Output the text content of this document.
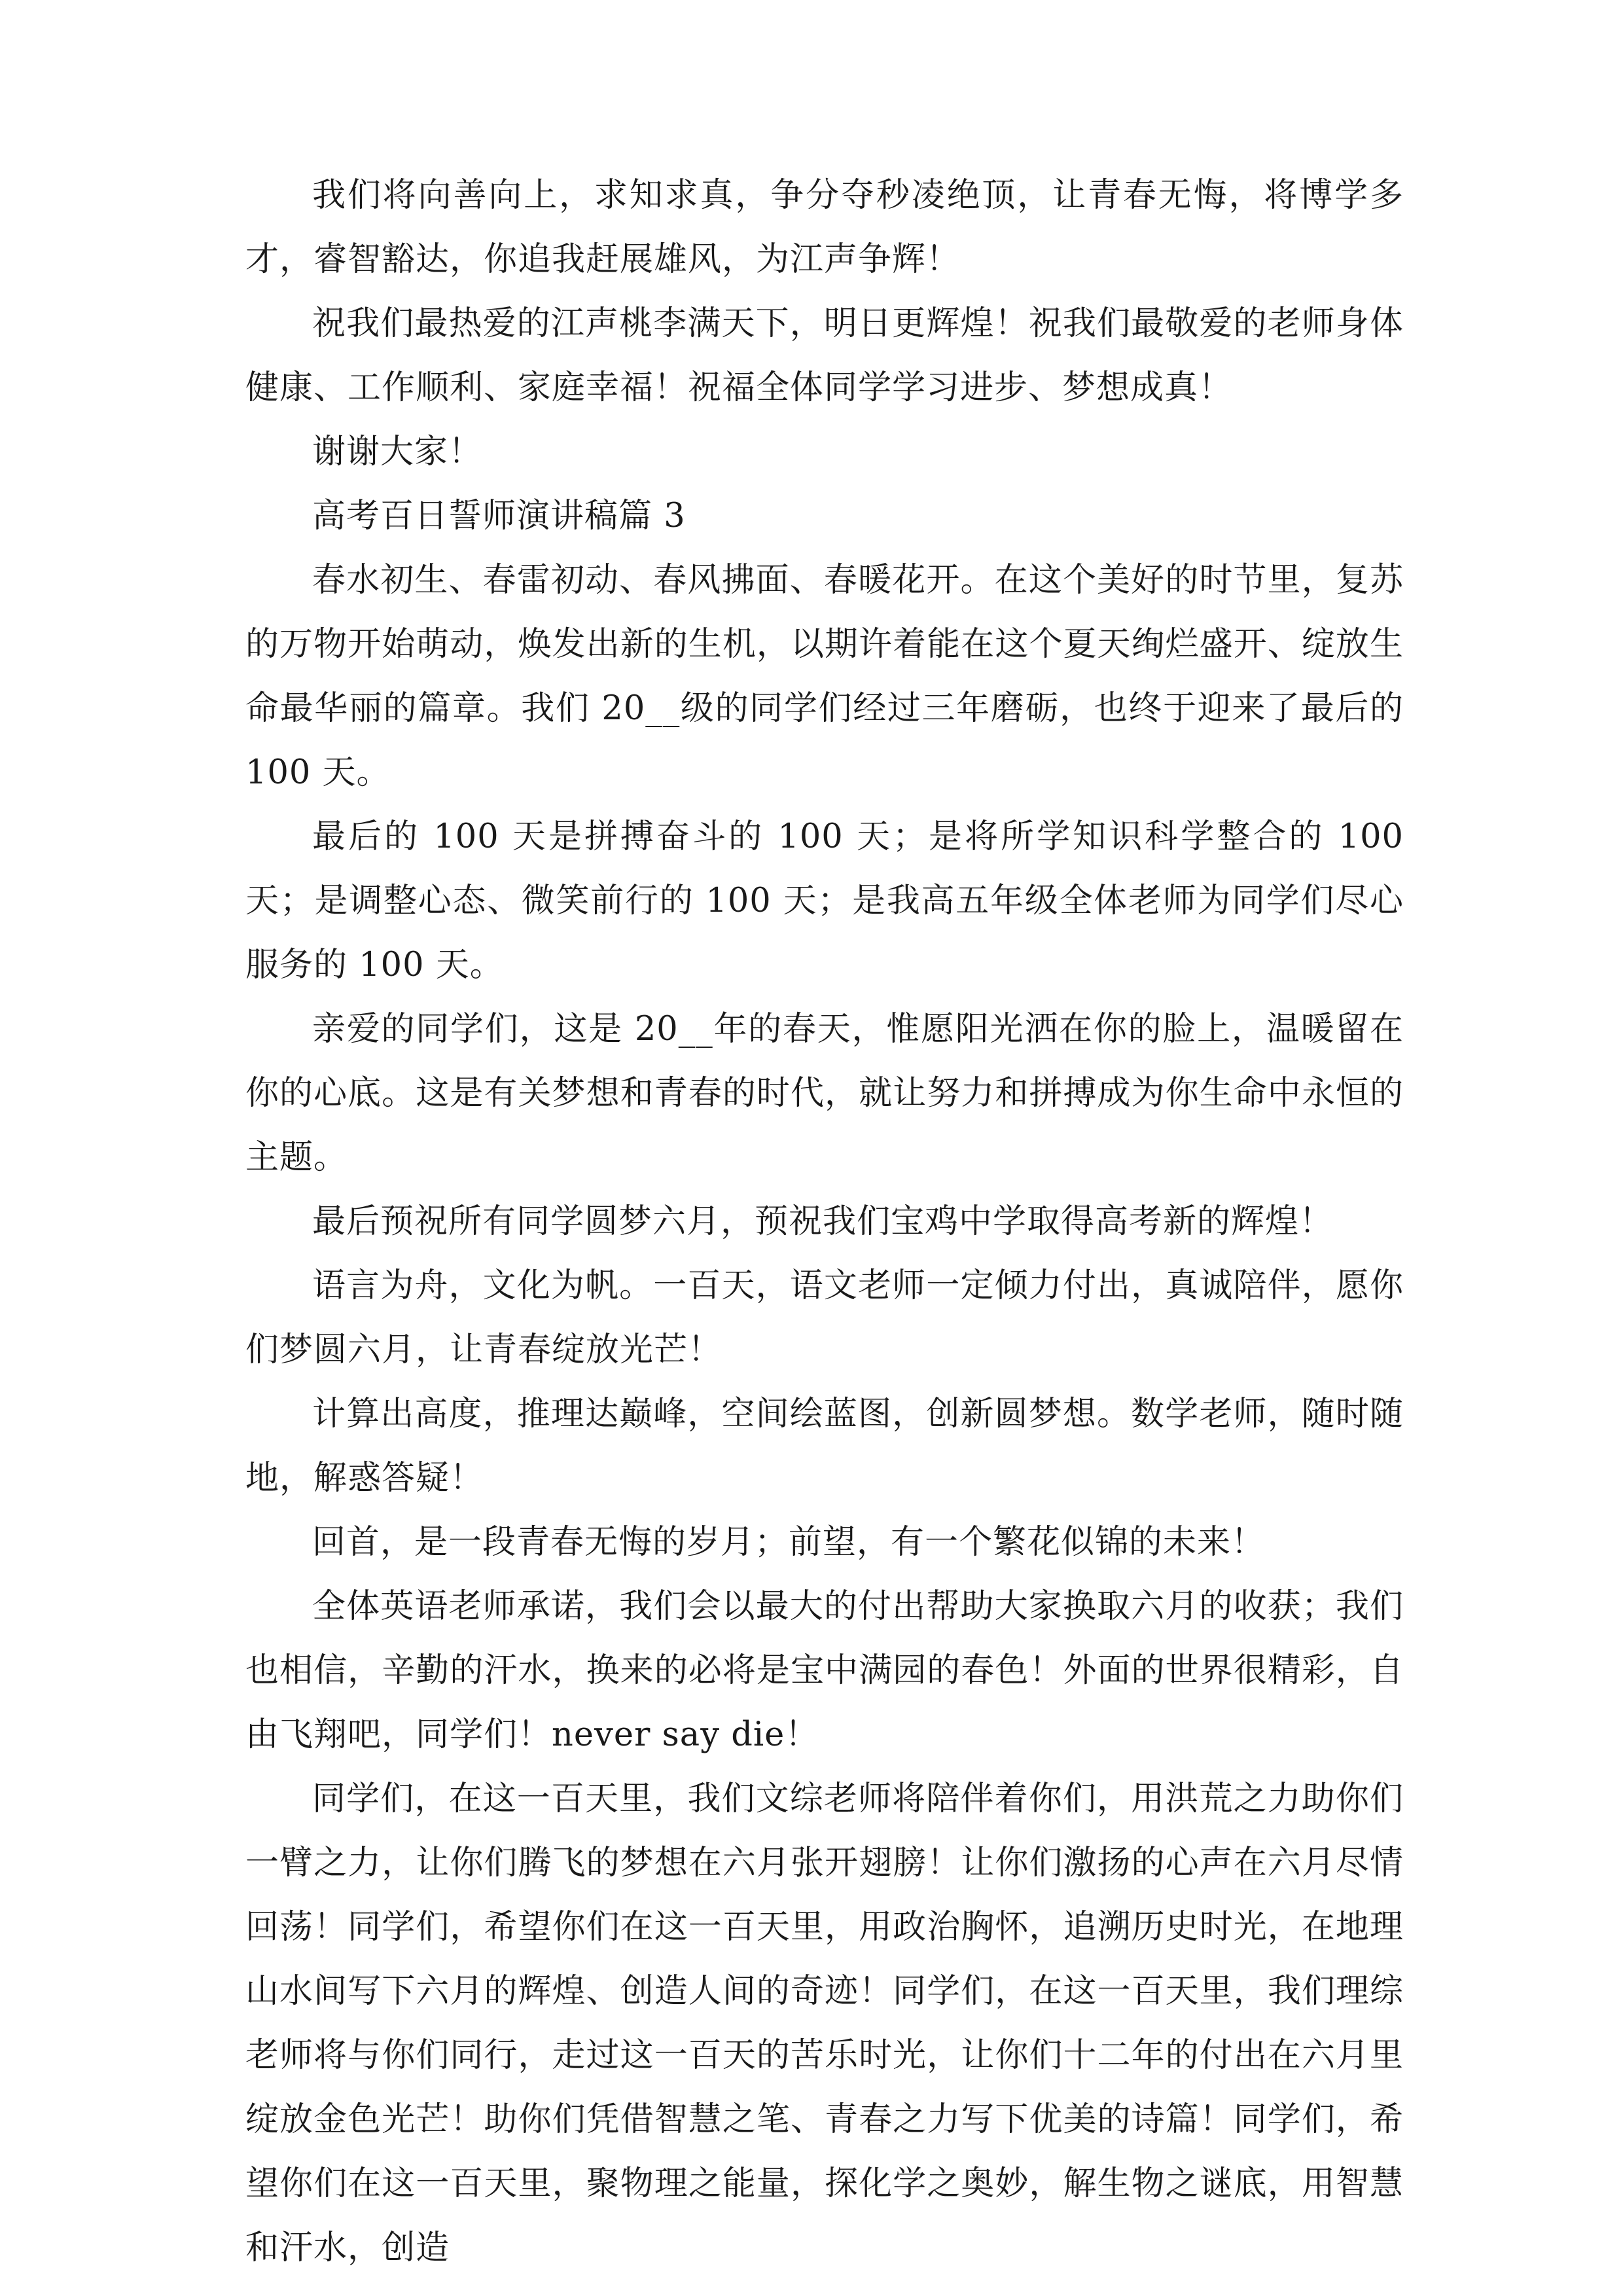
我们将向善向上，求知求真，争分夺秒凌绝顶，让青春无悔，将博学多才，睿智豁达，你追我赶展雄风，为江声争辉！

祝我们最热爱的江声桃李满天下，明日更辉煌！祝我们最敬爱的老师身体健康、工作顺利、家庭幸福！祝福全体同学学习进步、梦想成真！

谢谢大家！

高考百日誓师演讲稿篇 3

春水初生、春雷初动、春风拂面、春暖花开。在这个美好的时节里，复苏的万物开始萌动，焕发出新的生机，以期许着能在这个夏天绚烂盛开、绽放生命最华丽的篇章。我们 20__级的同学们经过三年磨砺，也终于迎来了最后的 100 天。

最后的 100 天是拼搏奋斗的 100 天；是将所学知识科学整合的 100 天；是调整心态、微笑前行的 100 天；是我高五年级全体老师为同学们尽心服务的 100 天。

亲爱的同学们，这是 20__年的春天，惟愿阳光洒在你的脸上，温暖留在你的心底。这是有关梦想和青春的时代，就让努力和拼搏成为你生命中永恒的主题。

最后预祝所有同学圆梦六月，预祝我们宝鸡中学取得高考新的辉煌！

语言为舟，文化为帆。一百天，语文老师一定倾力付出，真诚陪伴，愿你们梦圆六月，让青春绽放光芒！

计算出高度，推理达巅峰，空间绘蓝图，创新圆梦想。数学老师，随时随地，解惑答疑！

回首，是一段青春无悔的岁月；前望，有一个繁花似锦的未来！

全体英语老师承诺，我们会以最大的付出帮助大家换取六月的收获；我们也相信，辛勤的汗水，换来的必将是宝中满园的春色！外面的世界很精彩，自由飞翔吧，同学们！never say die！

同学们，在这一百天里，我们文综老师将陪伴着你们，用洪荒之力助你们一臂之力，让你们腾飞的梦想在六月张开翅膀！让你们激扬的心声在六月尽情回荡！同学们，希望你们在这一百天里，用政治胸怀，追溯历史时光，在地理山水间写下六月的辉煌、创造人间的奇迹！同学们，在这一百天里，我们理综老师将与你们同行，走过这一百天的苦乐时光，让你们十二年的付出在六月里绽放金色光芒！助你们凭借智慧之笔、青春之力写下优美的诗篇！同学们，希望你们在这一百天里，聚物理之能量，探化学之奥妙，解生物之谜底，用智慧和汗水，创造
